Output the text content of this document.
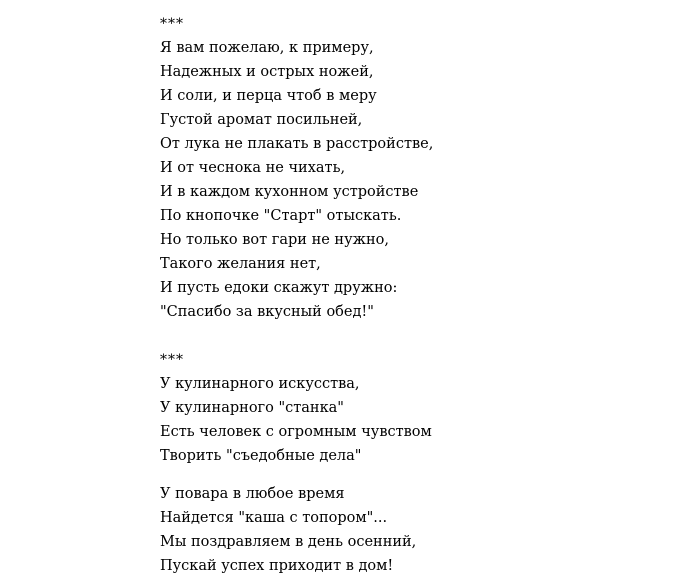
***
Я вам пожелаю, к примеру,
Надежных и острых ножей,
И соли, и перца чтоб в меру
Густой аромат посильней,
От лука не плакать в расстройстве,
И от чеснока не чихать,
И в каждом кухонном устройстве
По кнопочке "Старт" отыскать.
Но только вот гари не нужно,
Такого желания нет,
И пусть едоки скажут дружно:
"Спасибо за вкусный обед!"
***
У кулинарного искусства,
У кулинарного "станка"
Есть человек с огромным чувством
Творить "съедобные дела"
У повара в любое время
Найдется "каша с топором"...
Мы поздравляем в день осенний,
Пускай успех приходит в дом!
